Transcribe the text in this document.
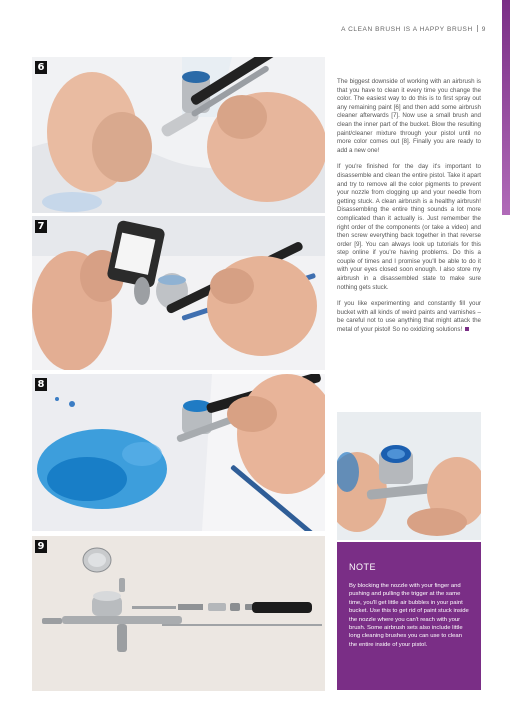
A CLEAN BRUSH IS A HAPPY BRUSH 9
6
7
8
9

The biggest downside of working with an airbrush is that you have to clean it every time you change the color. The easiest way to do this is to first spray out any remaining paint [6] and then add some airbrush cleaner afterwards [7]. Now use a small brush and clean the inner part of the bucket. Blow the resulting paint/cleaner mixture through your pistol until no more color comes out [8]. Finally you are ready to add a new one!

If you're finished for the day it's important to disassemble and clean the entire pistol. Take it apart and try to remove all the color pigments to prevent your nozzle from clogging up and your needle from getting stuck. A clean airbrush is a healthy airbrush! Disassembling the entire thing sounds a lot more complicated than it actually is. Just remember the right order of the components (or take a video) and then screw everything back together in that reverse order [9]. You can always look up tutorials for this step online if you're having problems. Do this a couple of times and I promise you'll be able to do it with your eyes closed soon enough. I also store my airbrush in a disassembled state to make sure nothing gets stuck.

If you like experimenting and constantly fill your bucket with all kinds of weird paints and varnishes – be careful not to use anything that might attack the metal of your pistol! So no oxidizing solutions!

NOTE
By blocking the nozzle with your finger and pushing and pulling the trigger at the same time, you'll get little air bubbles in your paint bucket. Use this to get rid of paint stuck inside the nozzle where you can't reach with your brush. Some airbrush sets also include little long cleaning brushes you can use to clean the entire inside of your pistol.
